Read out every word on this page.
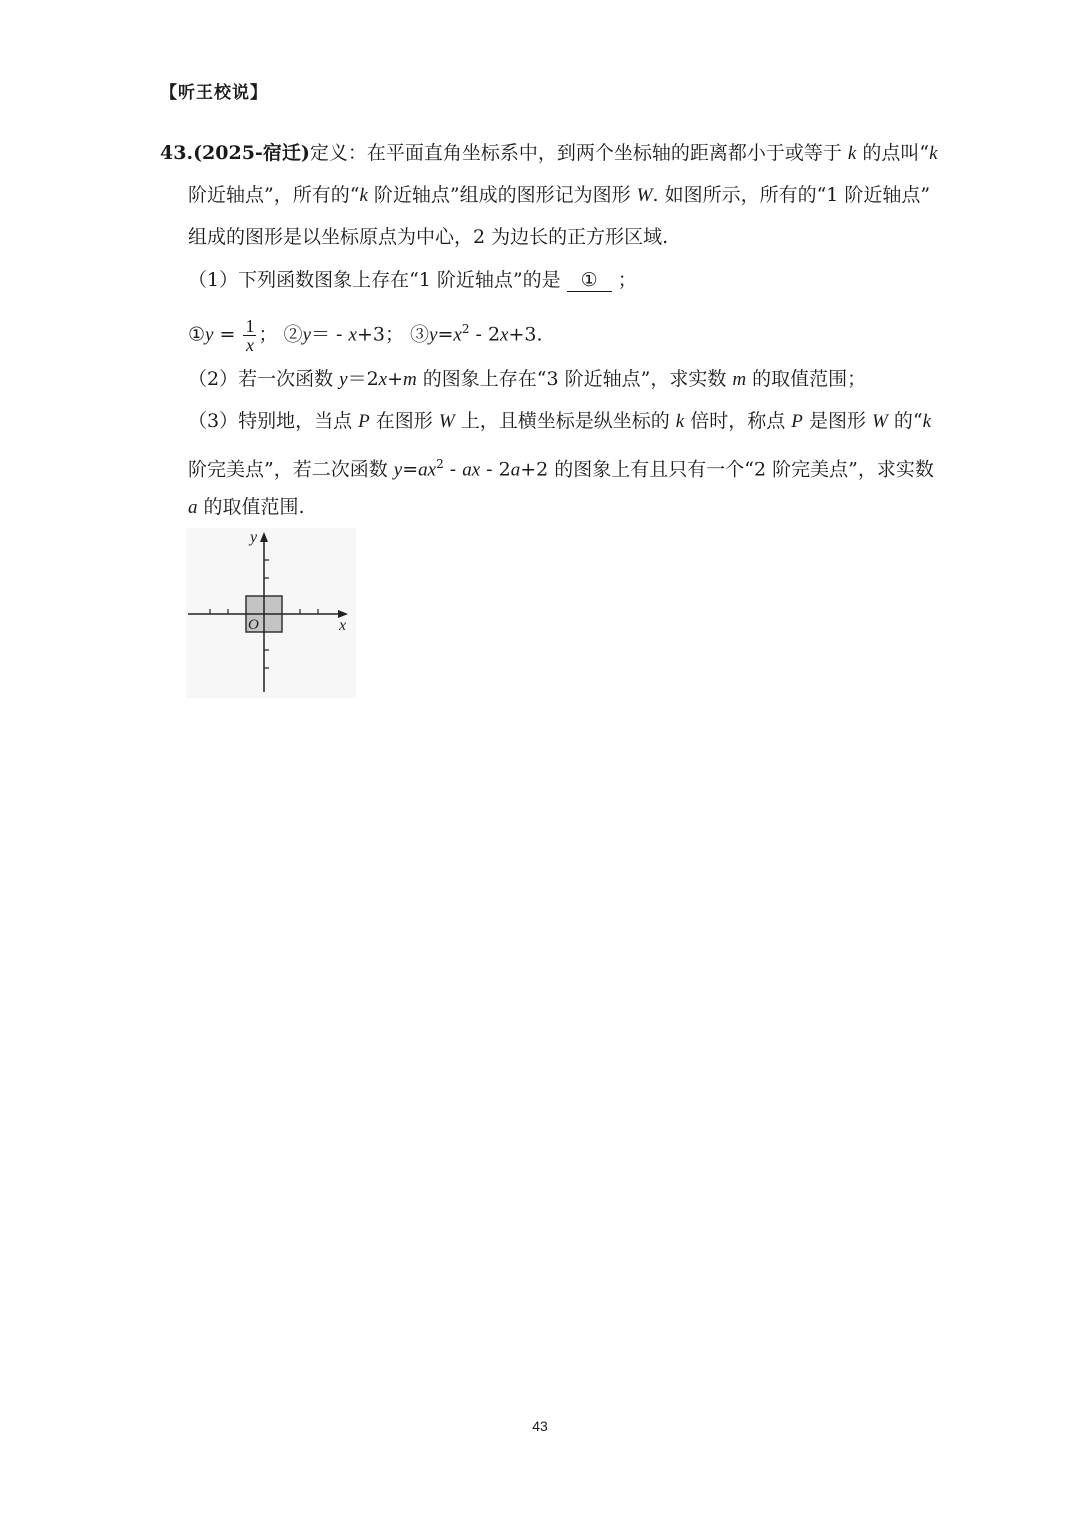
【听王校说】
43.(2025-宿迁)定义：在平面直角坐标系中，到两个坐标轴的距离都小于或等于 k 的点叫“k
阶近轴点”，所有的“k 阶近轴点”组成的图形记为图形 W. 如图所示，所有的“1 阶近轴点”
组成的图形是以坐标原点为中心，2 为边长的正方形区域.
（1）下列函数图象上存在“1 阶近轴点”的是 ① ；
①y = $\frac{1}{x}$ ； ②y＝ - x+3； $③y=x^2 - 2x+3$.
（2）若一次函数 y＝2x+m 的图象上存在“3 阶近轴点”，求实数 m 的取值范围；
（3）特别地，当点 P 在图形 W 上，且横坐标是纵坐标的 k 倍时，称点 P 是图形 W 的“k
阶完美点”，若二次函数 $y=ax^2$ - ax - 2a+2 的图象上有且只有一个“2 阶完美点”，求实数
a 的取值范围.
x
y
O
43
